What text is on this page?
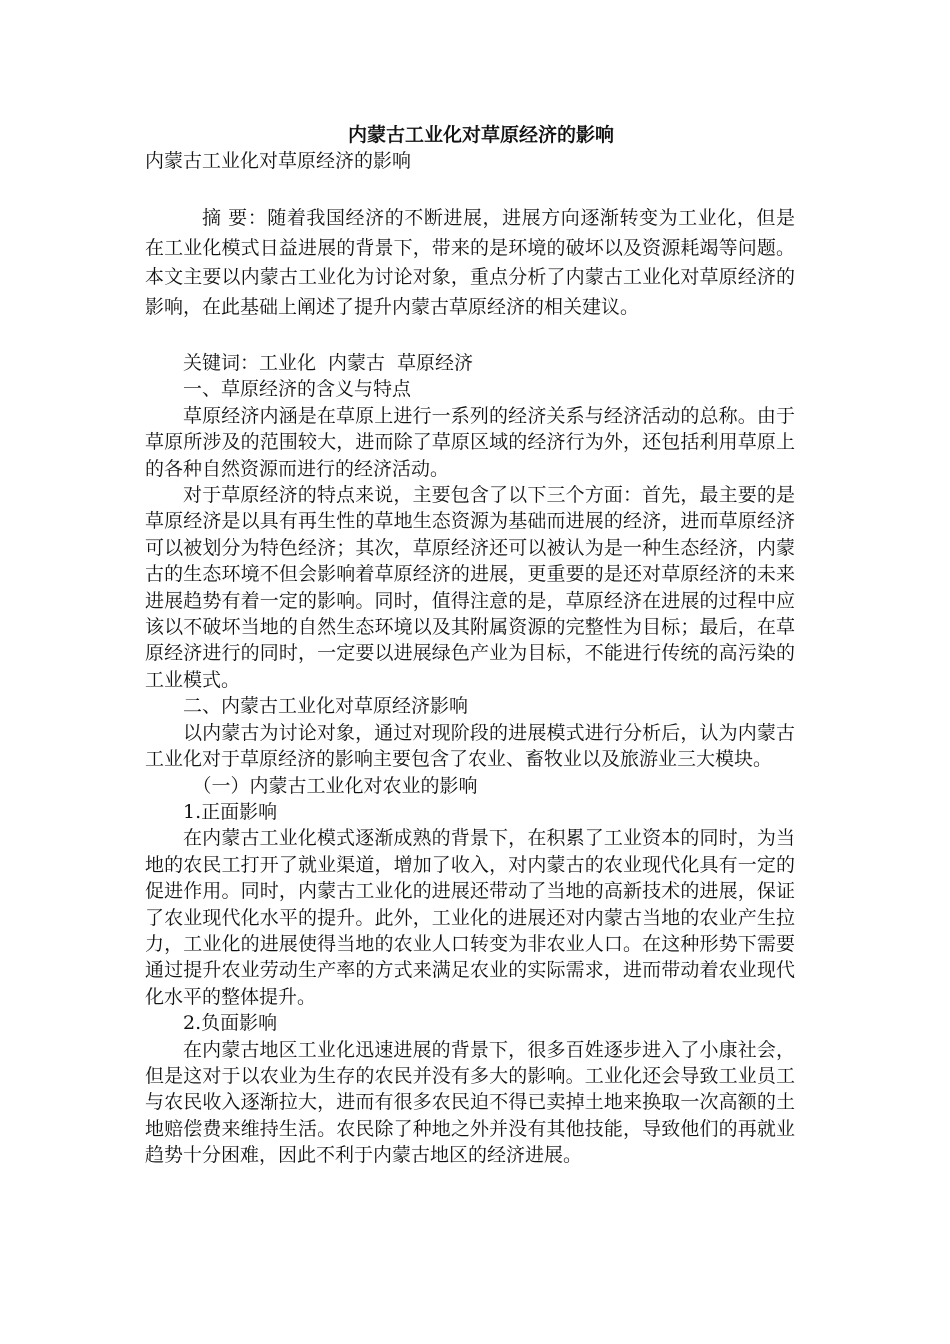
内蒙古工业化对草原经济的影响
内蒙古工业化对草原经济的影响

摘 要：随着我国经济的不断进展，进展方向逐渐转变为工业化，但是在工业化模式日益进展的背景下，带来的是环境的破坏以及资源耗竭等问题。本文主要以内蒙古工业化为讨论对象，重点分析了内蒙古工业化对草原经济的影响，在此基础上阐述了提升内蒙古草原经济的相关建议。

关键词：工业化 内蒙古 草原经济

一、草原经济的含义与特点

草原经济内涵是在草原上进行一系列的经济关系与经济活动的总称。由于草原所涉及的范围较大，进而除了草原区域的经济行为外，还包括利用草原上的各种自然资源而进行的经济活动。

对于草原经济的特点来说，主要包含了以下三个方面：首先，最主要的是草原经济是以具有再生性的草地生态资源为基础而进展的经济，进而草原经济可以被划分为特色经济；其次，草原经济还可以被认为是一种生态经济，内蒙古的生态环境不但会影响着草原经济的进展，更重要的是还对草原经济的未来进展趋势有着一定的影响。同时，值得注意的是，草原经济在进展的过程中应该以不破坏当地的自然生态环境以及其附属资源的完整性为目标；最后，在草原经济进行的同时，一定要以进展绿色产业为目标，不能进行传统的高污染的工业模式。

二、内蒙古工业化对草原经济影响

以内蒙古为讨论对象，通过对现阶段的进展模式进行分析后，认为内蒙古工业化对于草原经济的影响主要包含了农业、畜牧业以及旅游业三大模块。

（一）内蒙古工业化对农业的影响

1.正面影响

在内蒙古工业化模式逐渐成熟的背景下，在积累了工业资本的同时，为当地的农民工打开了就业渠道，增加了收入，对内蒙古的农业现代化具有一定的促进作用。同时，内蒙古工业化的进展还带动了当地的高新技术的进展，保证了农业现代化水平的提升。此外，工业化的进展还对内蒙古当地的农业产生拉力，工业化的进展使得当地的农业人口转变为非农业人口。在这种形势下需要通过提升农业劳动生产率的方式来满足农业的实际需求，进而带动着农业现代化水平的整体提升。

2.负面影响

在内蒙古地区工业化迅速进展的背景下，很多百姓逐步进入了小康社会，但是这对于以农业为生存的农民并没有多大的影响。工业化还会导致工业员工与农民收入逐渐拉大，进而有很多农民迫不得已卖掉土地来换取一次高额的土地赔偿费来维持生活。农民除了种地之外并没有其他技能，导致他们的再就业趋势十分困难，因此不利于内蒙古地区的经济进展。
